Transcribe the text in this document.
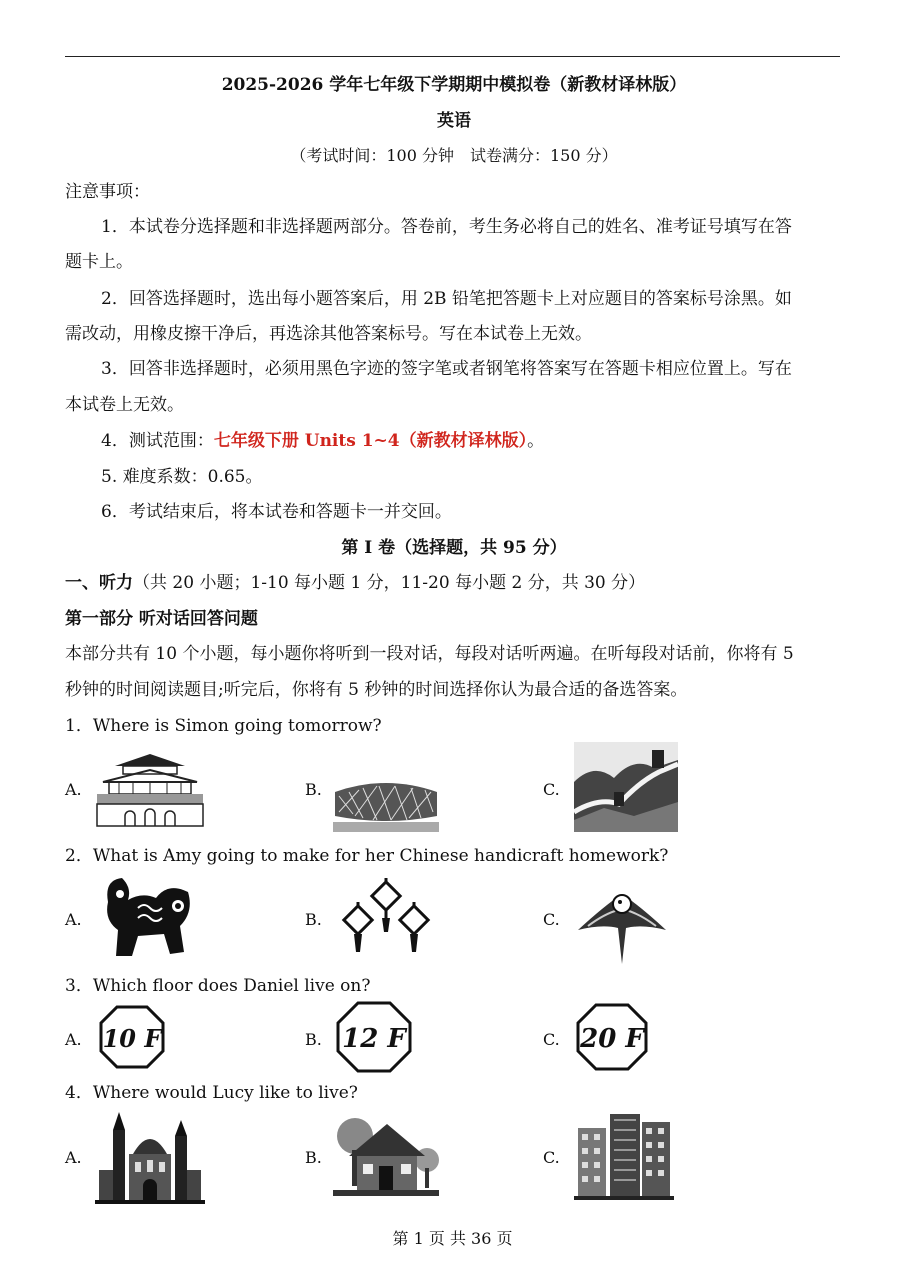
2025-2026 学年七年级下学期期中模拟卷（新教材译林版）
英语
（考试时间：100 分钟　试卷满分：150 分）
注意事项：
1．本试卷分选择题和非选择题两部分。答卷前，考生务必将自己的姓名、准考证号填写在答
题卡上。
2．回答选择题时，选出每小题答案后，用 2B 铅笔把答题卡上对应题目的答案标号涂黑。如
需改动，用橡皮擦干净后，再选涂其他答案标号。写在本试卷上无效。
3．回答非选择题时，必须用黑色字迹的签字笔或者钢笔将答案写在答题卡相应位置上。写在
本试卷上无效。
4．测试范围：七年级下册 Units 1~4（新教材译林版）。
5. 难度系数：0.65。
6．考试结束后，将本试卷和答题卡一并交回。
第 I 卷（选择题，共 95 分）
一、听力（共 20 小题；1-10 每小题 1 分，11-20 每小题 2 分，共 30 分）
第一部分 听对话回答问题
本部分共有 10 个小题，每小题你将听到一段对话，每段对话听两遍。在听每段对话前，你将有 5
秒钟的时间阅读题目;听完后，你将有 5 秒钟的时间选择你认为最合适的备选答案。
1．Where is Simon going tomorrow?
A.	B.	C.
2．What is Amy going to make for her Chinese handicraft homework?
A.	B.	C.
3．Which floor does Daniel live on?
A. 10 F	B. 12 F	C. 20 F
4．Where would Lucy like to live?
A.	B.	C.
第 1 页 共 36 页
